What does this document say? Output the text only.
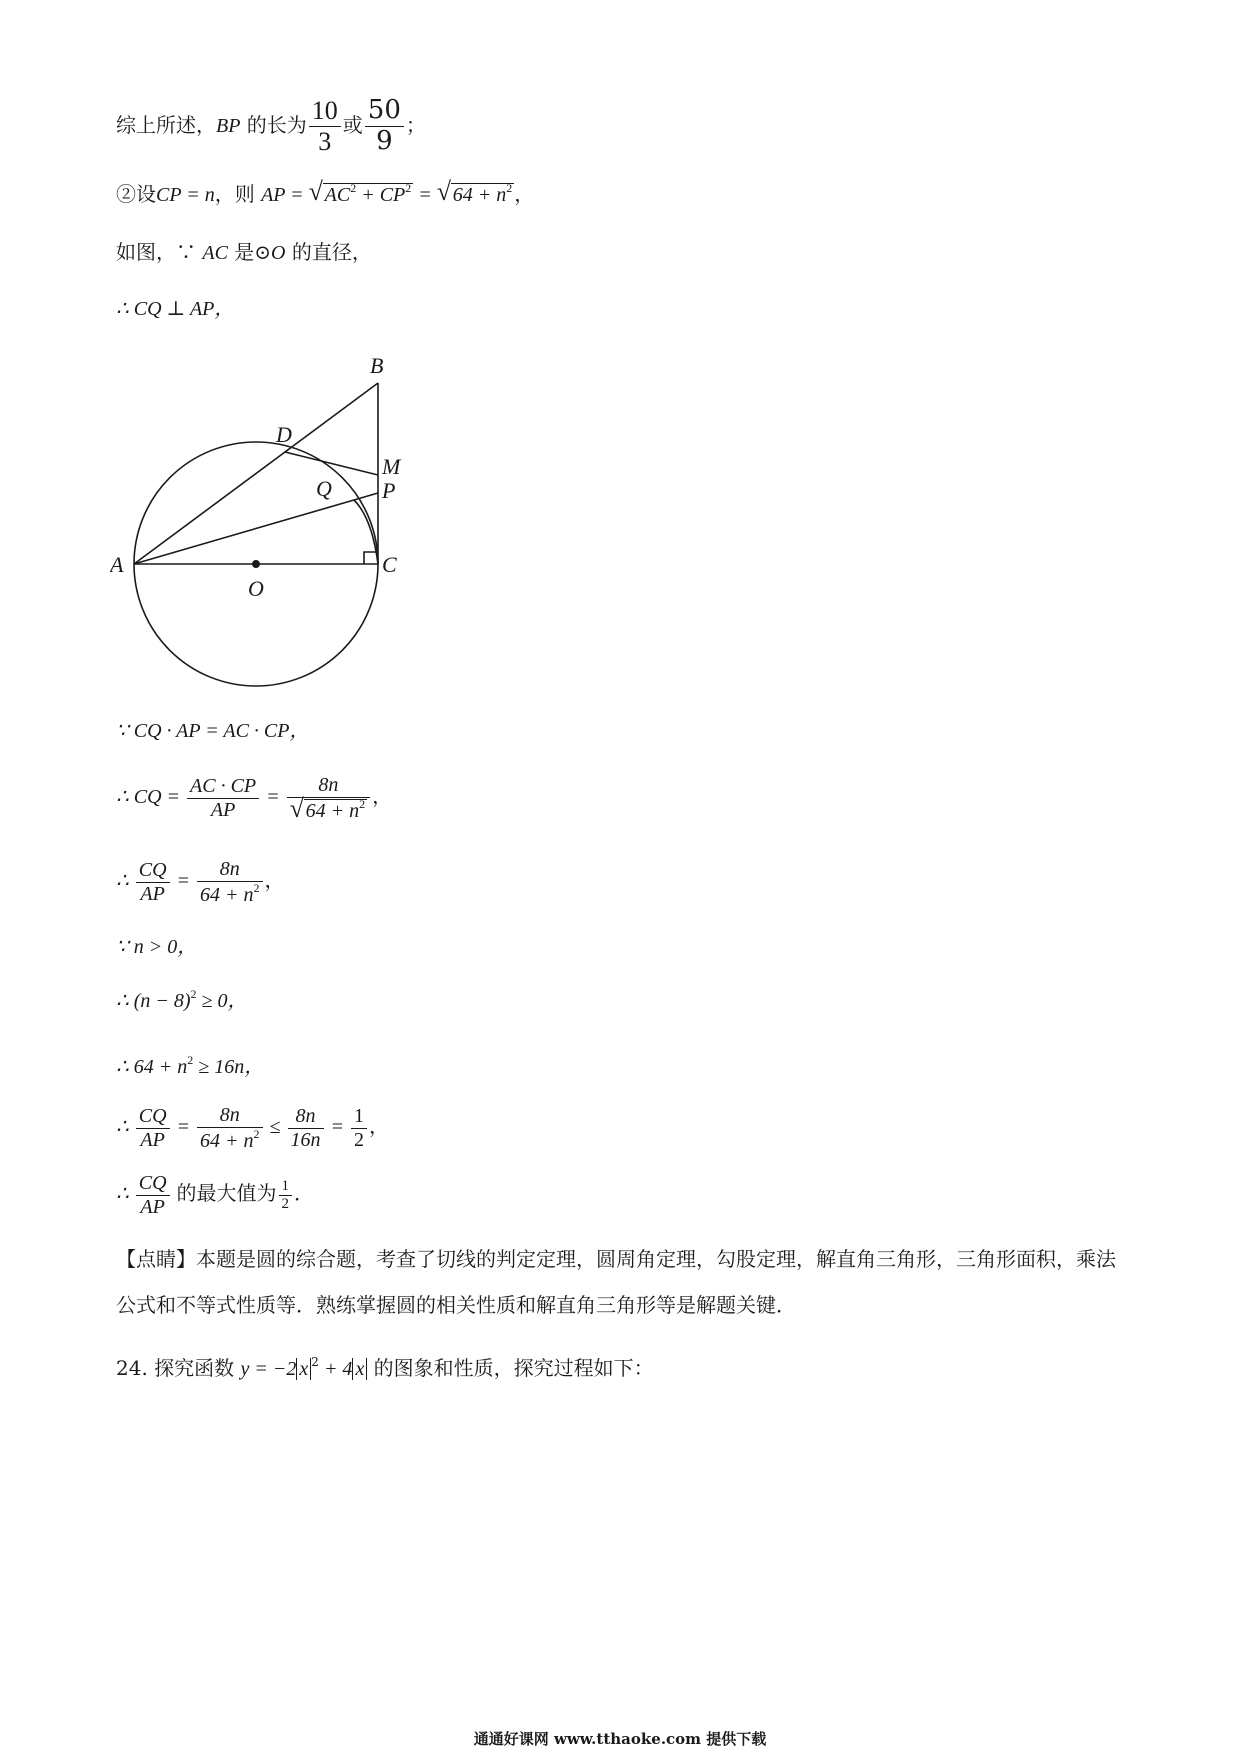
综上所述，BP 的长为 $\frac{10}{3}$ 或 $\frac{50}{9}$ ；
②设CP = n，则 AP = √ $AC^2 + CP^2$ = √ $64 + n^2$ ，
如图，∵ AC 是⊙O 的直径，
∴ CQ ⊥ AP，
B
D
M
Q P
A	C
O
∵ CQ · AP = AC · CP，
∴ CQ = $\frac{AC \cdot CP}{AP} = 8n$
√ $64 + n^2$ ，
∴ $\frac{CQ}{AP} = \frac{8n}{64 + n^2}$ ，
∵ n > 0，
∴ $(n - 8)^2 \ge 0$，
∴ $64 + n^2 \ge 16n$，
∴ $\frac{CQ}{AP} = \frac{8n}{64 + n^2} \le \frac{8n}{16n} = \frac{1}{2}$ ，
∴ $\frac{CQ}{AP}$ 的最大值为 $\frac{1}{2}$ ．
【点睛】本题是圆的综合题，考查了切线的判定定理，圆周角定理，勾股定理，解直角三角形，三角形面积，乘法公式和不等式性质等．熟练掌握圆的相关性质和解直角三角形等是解题关键．
24. 探究函数 y = −2 x $^2$ + 4 x 的图象和性质，探究过程如下：
通通好课网 www.tthaoke.com 提供下载
